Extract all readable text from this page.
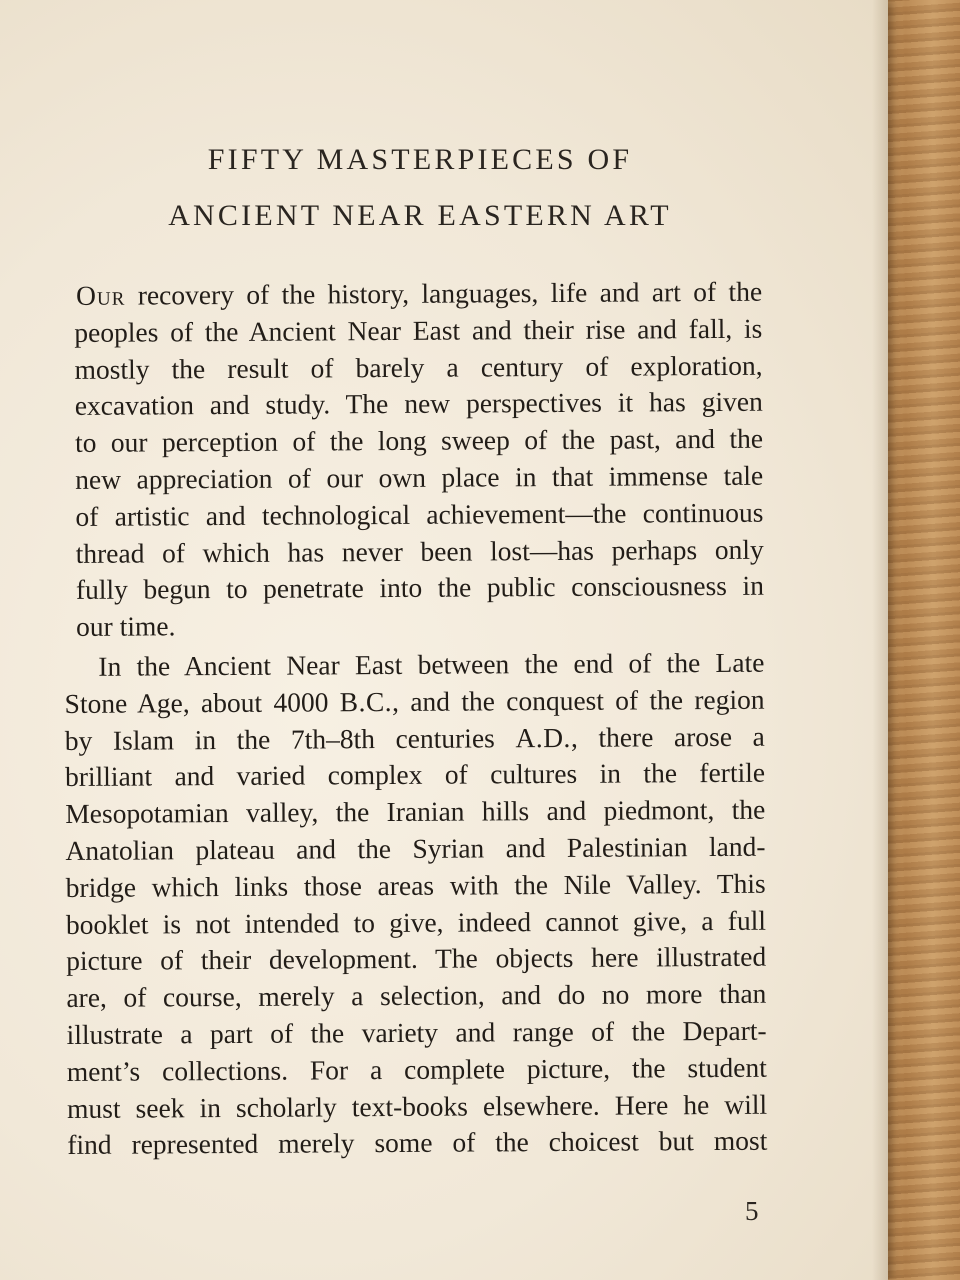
FIFTY MASTERPIECES OF
ANCIENT NEAR EASTERN ART
Our recovery of the history, languages, life and art of the
peoples of the Ancient Near East and their rise and fall, is
mostly the result of barely a century of exploration,
excavation and study. The new perspectives it has given
to our perception of the long sweep of the past, and the
new appreciation of our own place in that immense tale
of artistic and technological achievement—the continuous
thread of which has never been lost—has perhaps only
fully begun to penetrate into the public consciousness in
our time.
In the Ancient Near East between the end of the Late
Stone Age, about 4000 B.C., and the conquest of the region
by Islam in the 7th–8th centuries A.D., there arose a
brilliant and varied complex of cultures in the fertile
Mesopotamian valley, the Iranian hills and piedmont, the
Anatolian plateau and the Syrian and Palestinian land-
bridge which links those areas with the Nile Valley. This
booklet is not intended to give, indeed cannot give, a full
picture of their development. The objects here illustrated
are, of course, merely a selection, and do no more than
illustrate a part of the variety and range of the Depart-
ment’s collections. For a complete picture, the student
must seek in scholarly text-books elsewhere. Here he will
find represented merely some of the choicest but most
5
